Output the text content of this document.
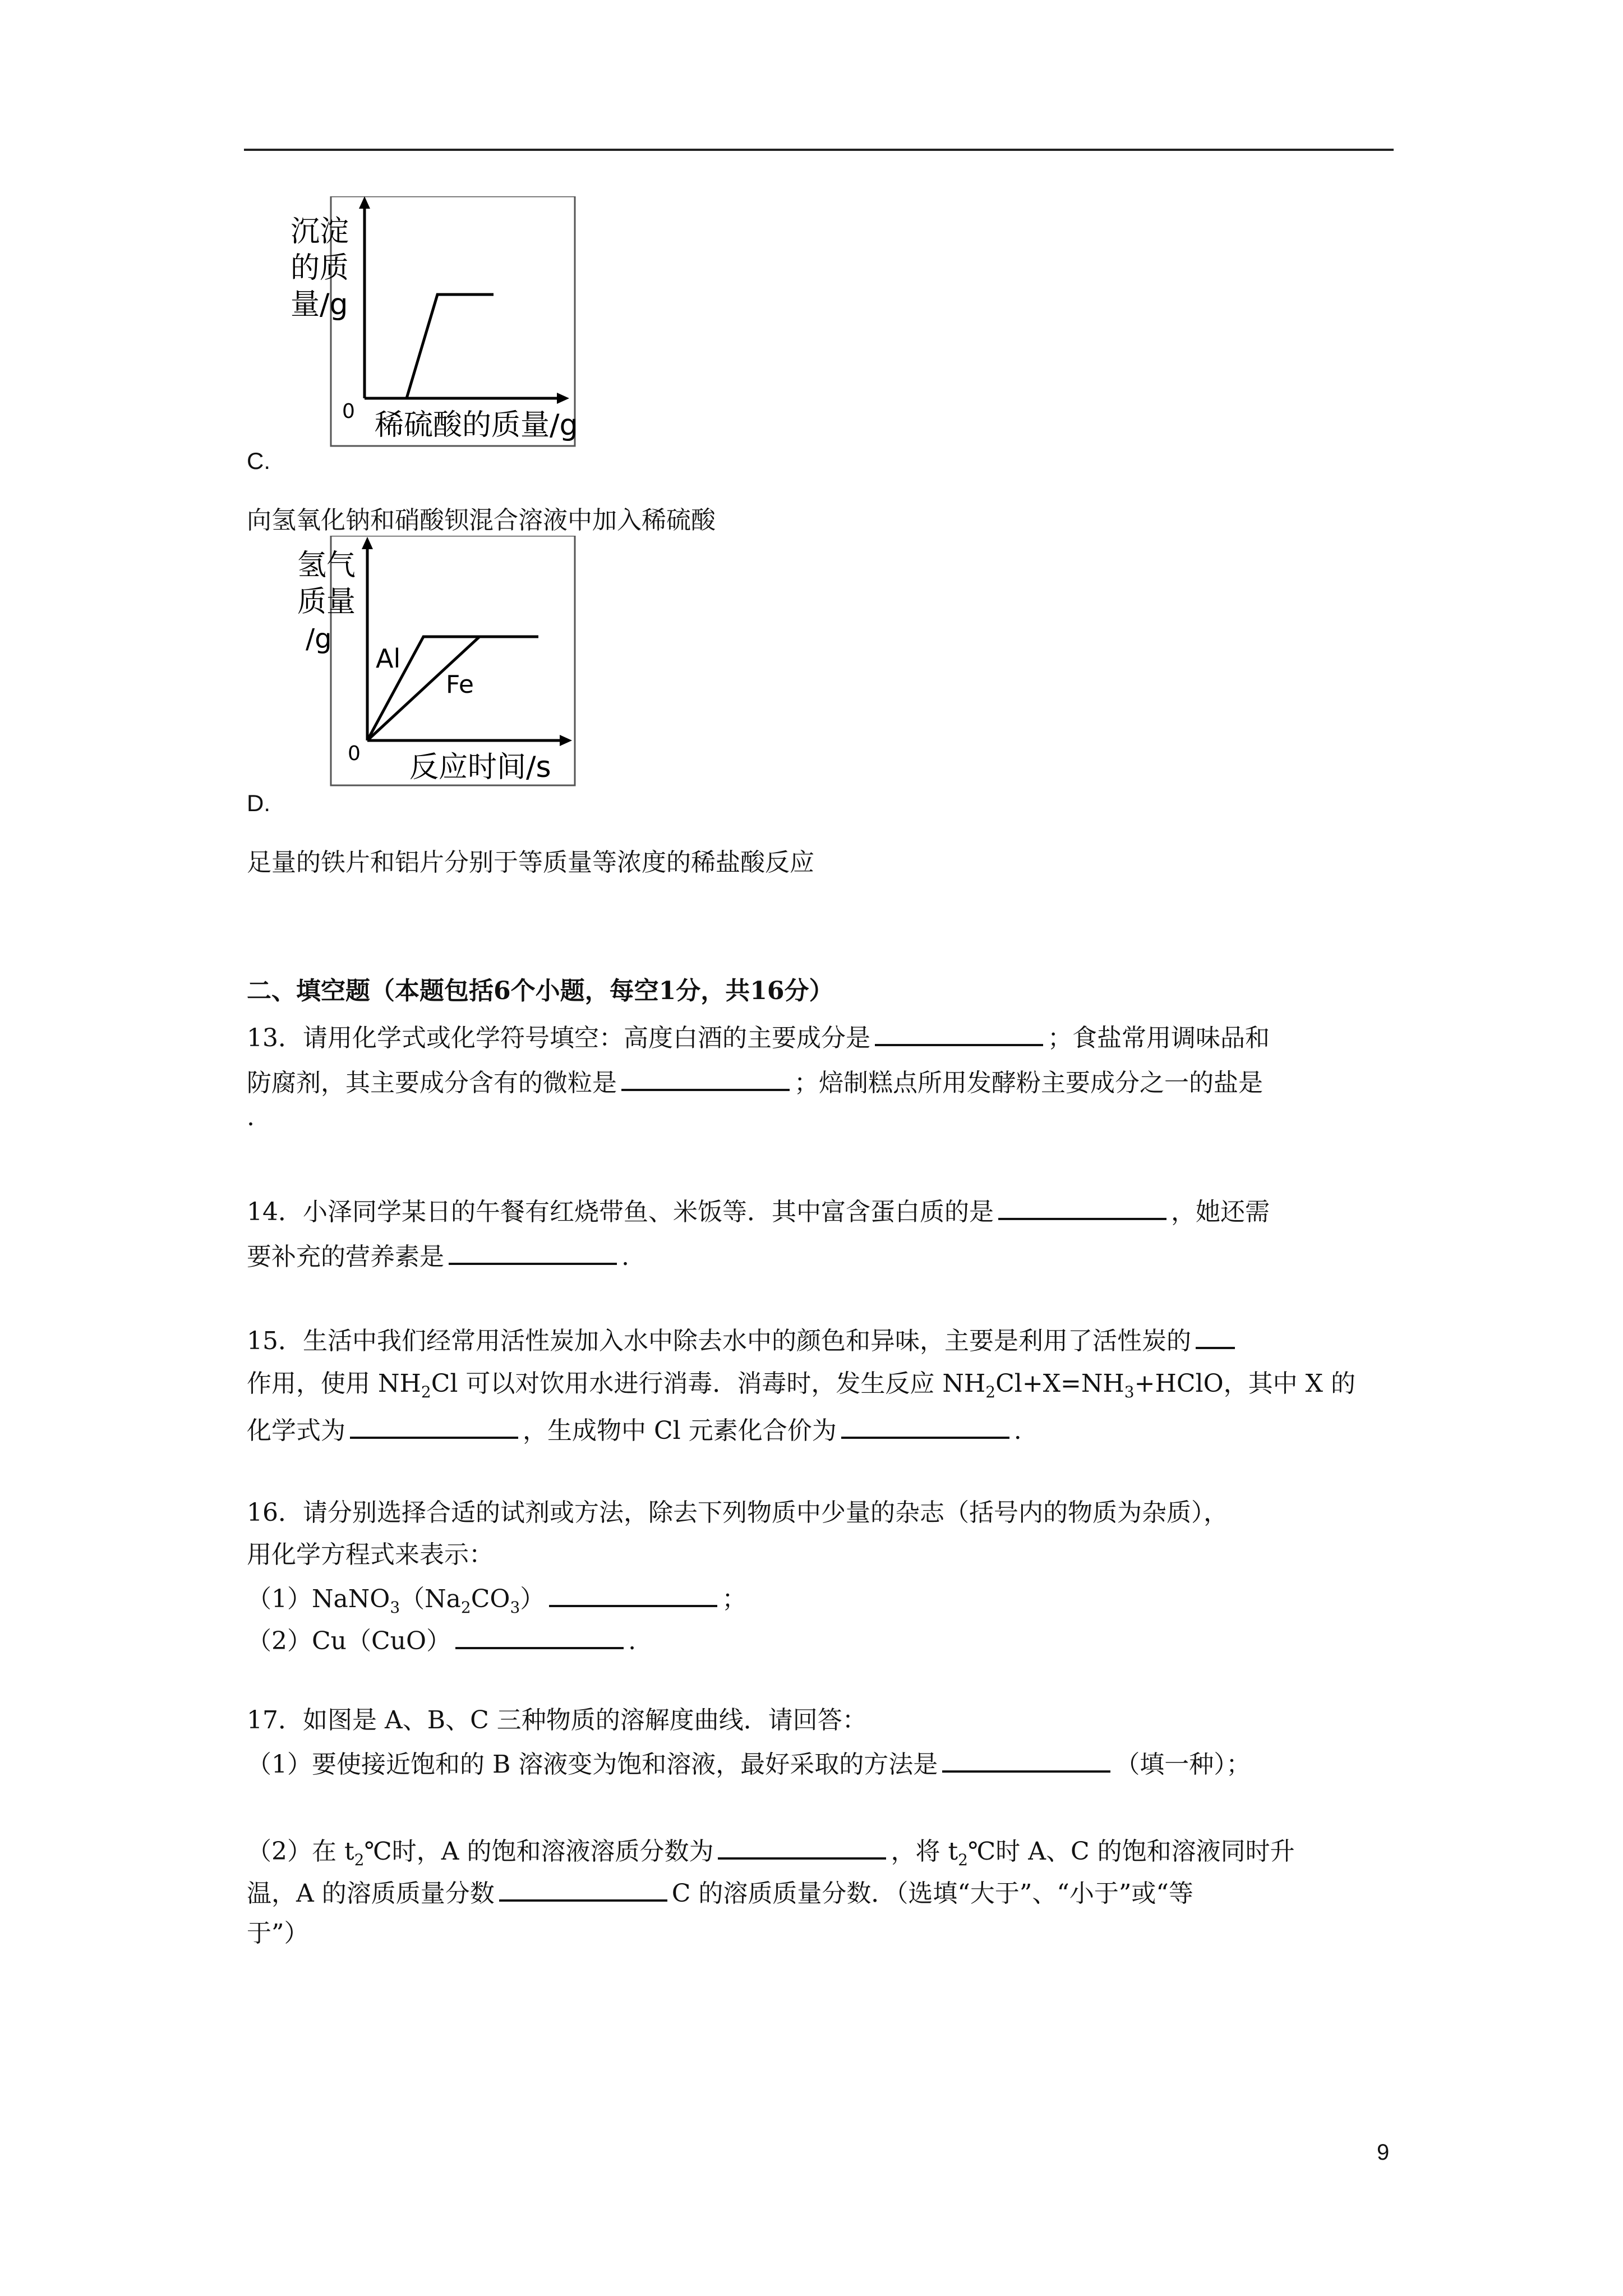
沉淀
的质
量/g
0 稀硫酸的质量/g
C.
向氢氧化钠和硝酸钡混合溶液中加入稀硫酸
氢气
质量
/g
Al
Fe
0 反应时间/s
D.
足量的铁片和铝片分别于等质量等浓度的稀盐酸反应
二、填空题（本题包括6个小题，每空1分，共16分）
13．请用化学式或化学符号填空：高度白酒的主要成分是	；食盐常用调味品和
防腐剂，其主要成分含有的微粒是	；焙制糕点所用发酵粉主要成分之一的盐是
.
14．小泽同学某日的午餐有红烧带鱼、米饭等．其中富含蛋白质的是	，她还需
要补充的营养素是	.
15．生活中我们经常用活性炭加入水中除去水中的颜色和异味，主要是利用了活性炭的
作用，使用 $NH_2Cl$ 可以对饮用水进行消毒．消毒时，发生反应 $NH_2Cl+X=NH_3+HClO$，其中 X 的
化学式为	，生成物中 Cl 元素化合价为	.
16．请分别选择合适的试剂或方法，除去下列物质中少量的杂志（括号内的物质为杂质），
用化学方程式来表示：
$(1)NaNO_3(Na_2CO_3)$	；
（2）Cu（CuO）	.
17．如图是 A、B、C 三种物质的溶解度曲线．请回答：
（1）要使接近饱和的 B 溶液变为饱和溶液，最好采取的方法是	（填一种）；
（2）在 $t_2℃$时，A 的饱和溶液溶质分数为	，将 $t_2℃$时 A、C 的饱和溶液同时升
温，A 的溶质质量分数	C 的溶质质量分数．（选填“大于”、“小于”或“等
于”）
9
